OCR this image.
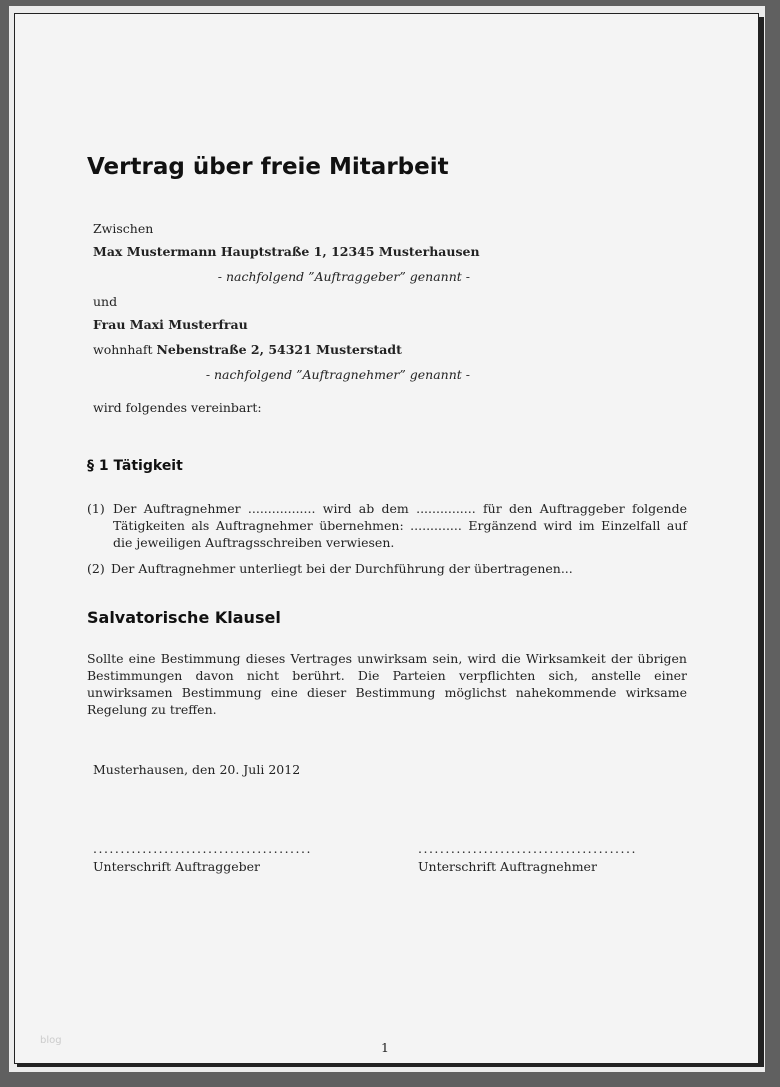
Vertrag über freie Mitarbeit
Zwischen
Max Mustermann Hauptstraße 1, 12345 Musterhausen
- nachfolgend ”Auftraggeber” genannt -
und
Frau Maxi Musterfrau
wohnhaft Nebenstraße 2, 54321 Musterstadt
- nachfolgend ”Auftragnehmer” genannt -
wird folgendes vereinbart:
§ 1 Tätigkeit
(1) Der Auftragnehmer ................. wird ab dem ............... für den Auftraggeber folgende Tätigkeiten als Auftragnehmer übernehmen: ............. Ergänzend wird im Einzelfall auf die jeweiligen Auftragsschreiben verwiesen.
(2) Der Auftragnehmer unterliegt bei der Durchführung der übertragenen...
Salvatorische Klausel
Sollte eine Bestimmung dieses Vertrages unwirksam sein, wird die Wirksamkeit der übrigen Bestimmungen davon nicht berührt. Die Parteien verpflichten sich, anstelle einer unwirksamen Bestimmung eine dieser Bestimmung möglichst nahekommende wirksame Regelung zu treffen.
Musterhausen, den 20. Juli 2012
........................................
Unterschrift Auftraggeber
........................................
Unterschrift Auftragnehmer
blog	1
